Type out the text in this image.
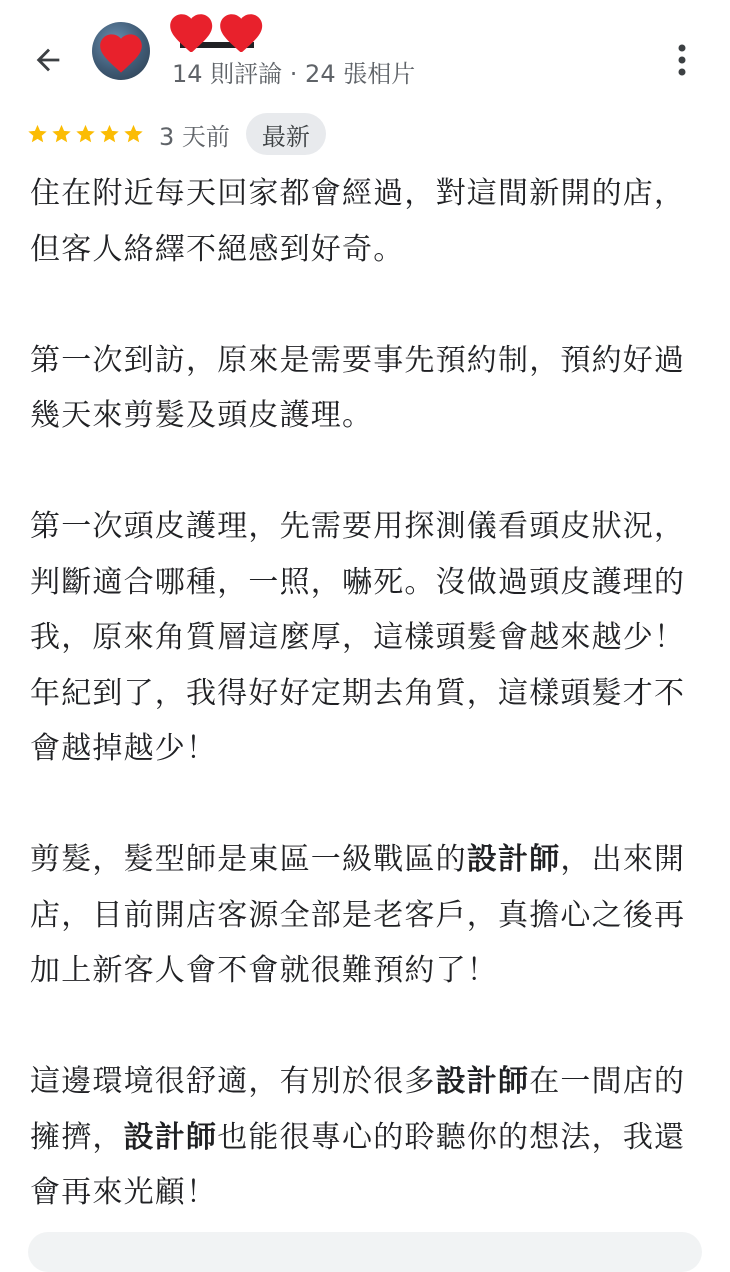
14 則評論 · 24 張相片
3 天前	最新

住在附近每天回家都會經過，對這間新開的店，但客人絡繹不絕感到好奇。

第一次到訪，原來是需要事先預約制，預約好過幾天來剪髮及頭皮護理。

第一次頭皮護理，先需要用探測儀看頭皮狀況，判斷適合哪種，一照，嚇死。沒做過頭皮護理的我，原來角質層這麼厚，這樣頭髮會越來越少！年紀到了，我得好好定期去角質，這樣頭髮才不會越掉越少！

剪髮，髮型師是東區一級戰區的設計師，出來開店，目前開店客源全部是老客戶，真擔心之後再加上新客人會不會就很難預約了！

這邊環境很舒適，有別於很多設計師在一間店的擁擠，設計師也能很專心的聆聽你的想法，我還會再來光顧！
